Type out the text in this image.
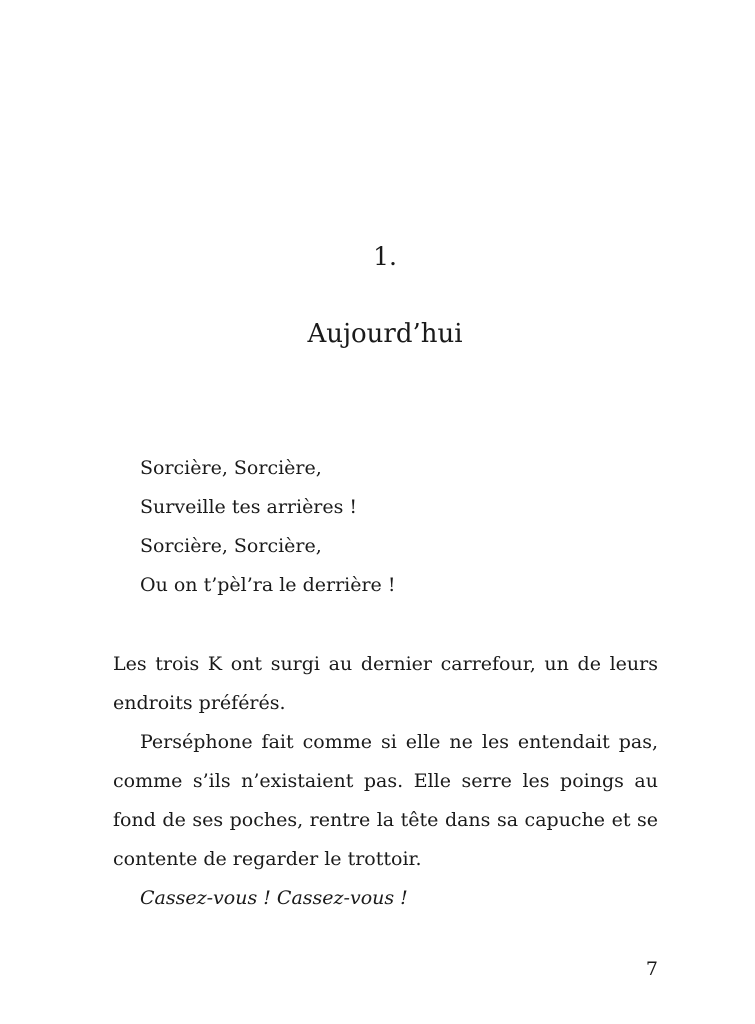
1.
Aujourd’hui
Sorcière, Sorcière,
Surveille tes arrières !
Sorcière, Sorcière,
Ou on t’pèl’ra le derrière !

Les trois K ont surgi au dernier carrefour, un de leurs endroits préférés.

Perséphone fait comme si elle ne les entendait pas, comme s’ils n’existaient pas. Elle serre les poings au fond de ses poches, rentre la tête dans sa capuche et se contente de regarder le trottoir.

Cassez-vous ! Cassez-vous !

7
